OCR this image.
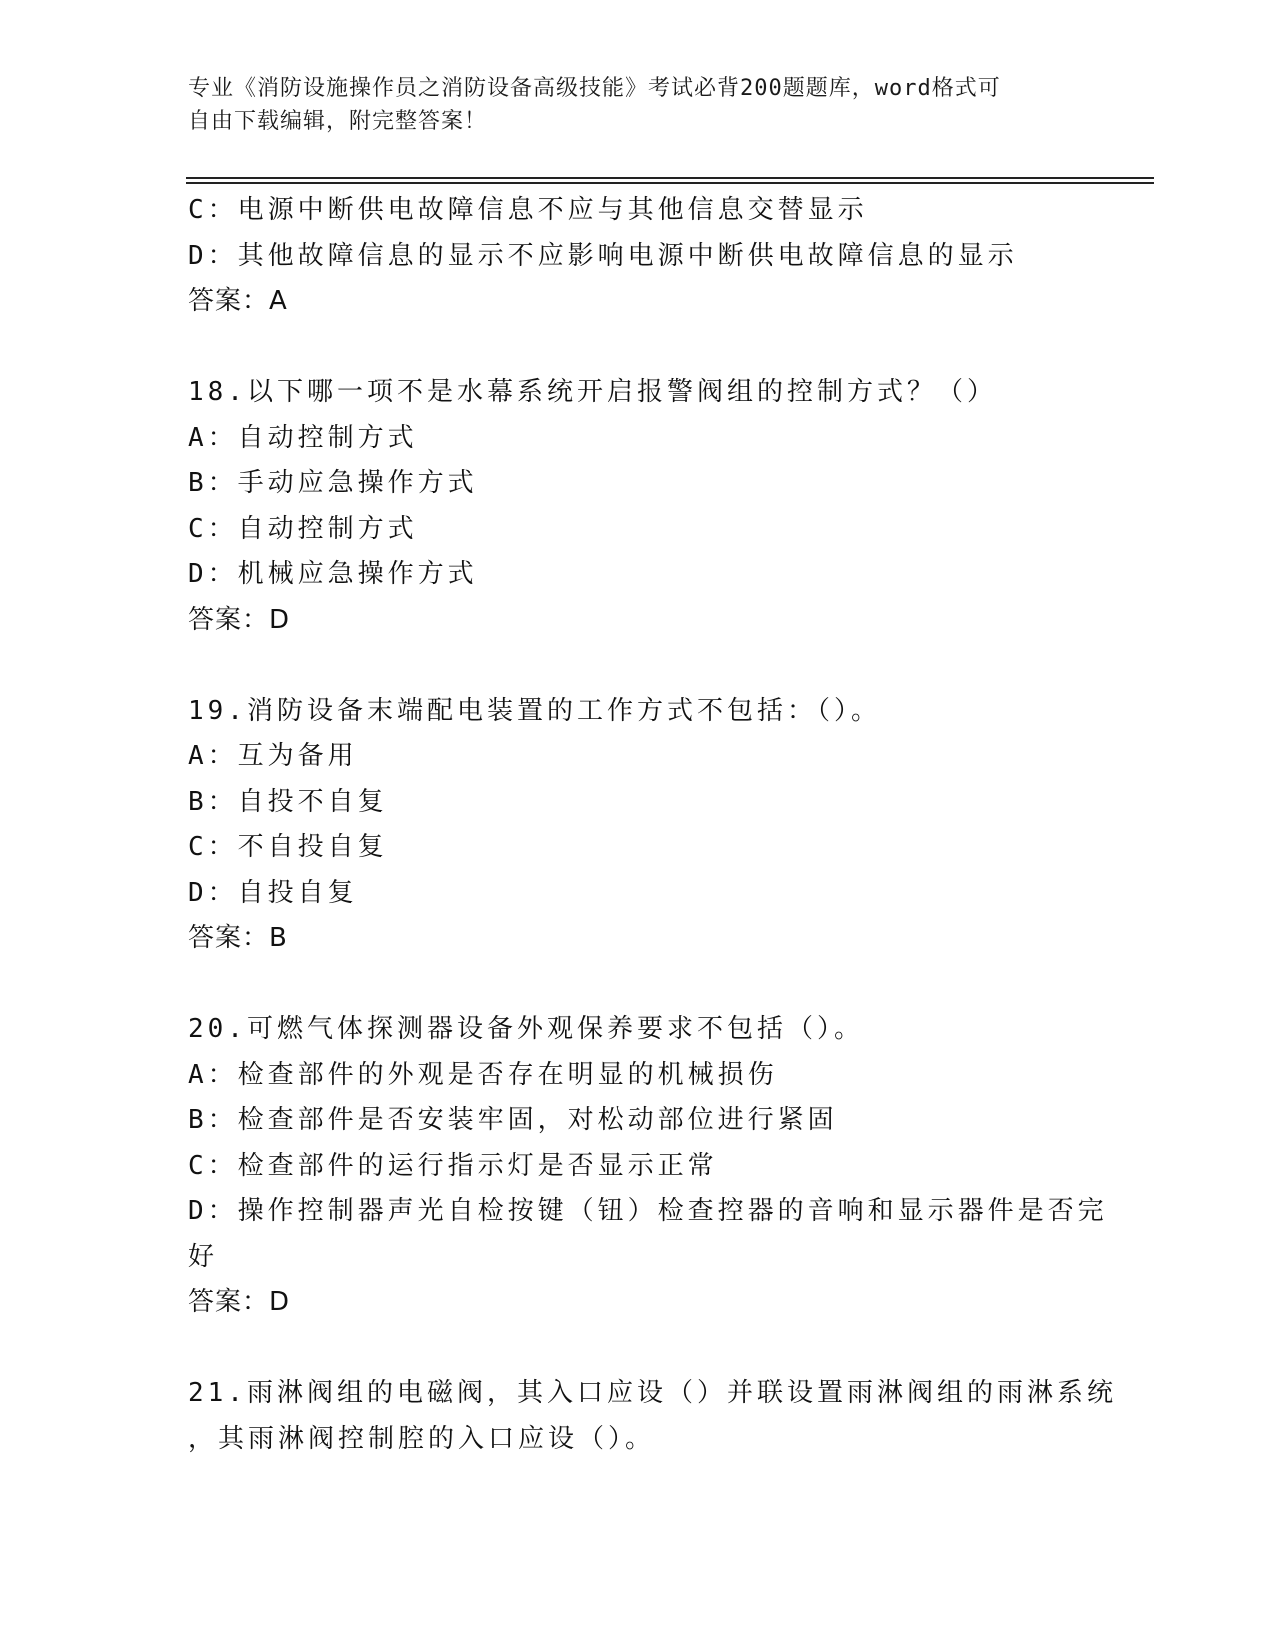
专业《消防设施操作员之消防设备高级技能》考试必背200题题库，word格式可
自由下载编辑，附完整答案！
C：电源中断供电故障信息不应与其他信息交替显示
D：其他故障信息的显示不应影响电源中断供电故障信息的显示
答案：A
18.以下哪一项不是水幕系统开启报警阀组的控制方式？（）
A：自动控制方式
B：手动应急操作方式
C：自动控制方式
D：机械应急操作方式
答案：D
19.消防设备末端配电装置的工作方式不包括：（）。
A：互为备用
B：自投不自复
C：不自投自复
D：自投自复
答案：B
20.可燃气体探测器设备外观保养要求不包括（）。
A：检查部件的外观是否存在明显的机械损伤
B：检查部件是否安装牢固，对松动部位进行紧固
C：检查部件的运行指示灯是否显示正常
D：操作控制器声光自检按键（钮）检查控器的音响和显示器件是否完
好
答案：D
21.雨淋阀组的电磁阀，其入口应设（）并联设置雨淋阀组的雨淋系统
，其雨淋阀控制腔的入口应设（）。
